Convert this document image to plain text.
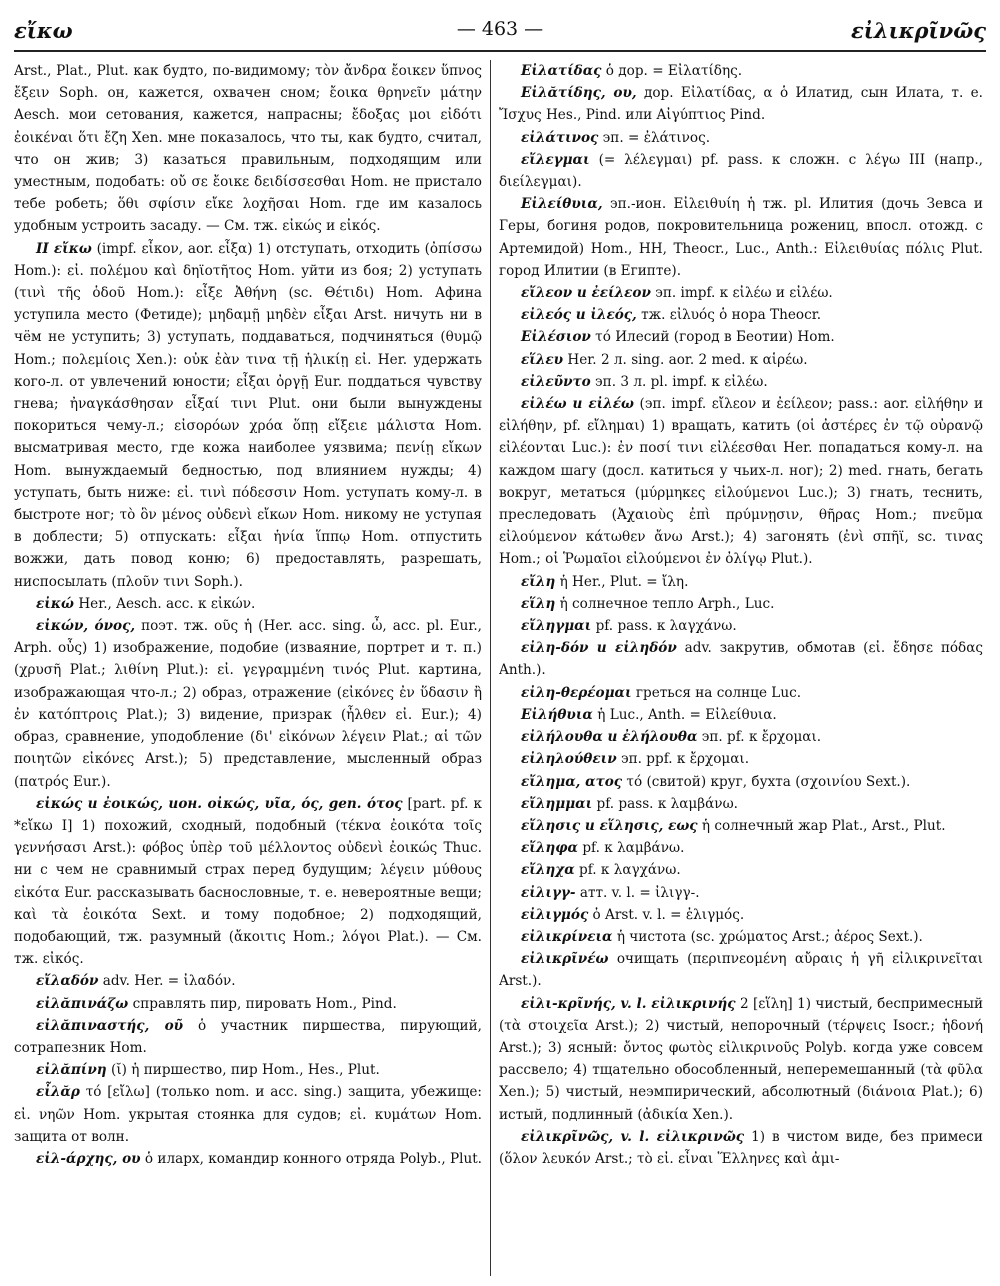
εἴκω	— 463 —	εἰλικρῖνῶς

Arst., Plat., Plut. как будто, по-видимому; τὸν ἄνδρα ἔοικεν ὕπνος ἔξειν Soph. он, кажется, охвачен сном; ἔοικα θρηνεῖν μάτην Aesch. мои сетования, кажется, напрасны; ἔδοξας μοι εἰδότι ἐοικέναι ὅτι ἔζη Xen. мне показалось, что ты, как будто, считал, что он жив; 3) казаться правильным, подходящим или уместным, подобать: οὔ σε ἔοικε δειδίσσεσθαι Hom. не пристало тебе робеть; ὅθι σφίσιν εἴκε λοχῆσαι Hom. где им казалось удобным устроить засаду. — См. тж. εἰκώς и εἰκός.

II εἴκω (impf. εἶκον, aor. εἶξα) 1) отступать, отходить (ὀπίσσω Hom.): εἰ. πολέμου καὶ δηϊοτῆτος Hom. уйти из боя; 2) уступать (τινὶ τῆς ὁδοῦ Hom.): εἶξε Ἀθήνη (sc. Θέτιδι) Hom. Афина уступила место (Фетиде); μηδαμῇ μηδὲν εἶξαι Arst. ничуть ни в чём не уступить; 3) уступать, поддаваться, подчиняться (θυμῷ Hom.; πολεμίοις Xen.): οὐκ ἐὰν τινα τῇ ἡλικίῃ εἰ. Her. удержать кого-л. от увлечений юности; εἶξαι ὀργῇ Eur. поддаться чувству гнева; ἠναγκάσθησαν εἶξαί τινι Plut. они были вынуждены покориться чему-л.; εἰσορόων χρόα ὅπῃ εἴξειε μάλιστα Hom. высматривая место, где кожа наиболее уязвима; πενίῃ εἴκων Hom. вынуждаемый бедностью, под влиянием нужды; 4) уступать, быть ниже: εἰ. τινὶ πόδεσσιν Hom. уступать кому-л. в быстроте ног; τὸ ὃν μένος οὐδενὶ εἴκων Hom. никому не уступая в доблести; 5) отпускать: εἶξαι ἡνία ἵππῳ Hom. отпустить вожжи, дать повод коню; 6) предоставлять, разрешать, ниспосылать (πλοῦν τινι Soph.).

εἰκώ Her., Aesch. acc. к εἰκών.

εἰκών, όνος, поэт. тж. οῦς ἡ (Her. acc. sing. ὦ, acc. pl. Eur., Arph. οὖς) 1) изображение, подобие (изваяние, портрет и т. п.) (χρυσῆ Plat.; λιθίνη Plut.): εἰ. γεγραμμένη τινός Plut. картина, изображающая что-л.; 2) образ, отражение (εἰκόνες ἐν ὕδασιν ἢ ἐν κατόπτροις Plat.); 3) видение, призрак (ἦλθεν εἰ. Eur.); 4) образ, сравнение, уподобление (δι' εἰκόνων λέγειν Plat.; αἱ τῶν ποιητῶν εἰκόνες Arst.); 5) представление, мысленный образ (πατρός Eur.).

εἰκώς и ἐοικώς, ион. οἰκώς, υῖα, ός, gen. ότος [part. pf. к *εἴκω I] 1) похожий, сходный, подобный (τέκνα ἐοικότα τοῖς γεννήσασι Arst.): φόβος ὑπὲρ τοῦ μέλλοντος οὐδενὶ ἐοικώς Thuc. ни с чем не сравнимый страх перед будущим; λέγειν μύθους εἰκότα Eur. рассказывать баснословные, т. е. невероятные вещи; καὶ τὰ ἐοικότα Sext. и тому подобное; 2) подходящий, подобающий, тж. разумный (ἄκοιτις Hom.; λόγοι Plat.). — См. тж. εἰκός.

εἴλαδόν adv. Her. = ἰλαδόν.

εἰλᾰπινάζω справлять пир, пировать Hom., Pind.

εἰλᾰπιναστής, οῦ ὁ участник пиршества, пирующий, сотрапезник Hom.

εἰλᾰπίνη (ῐ) ἡ пиршество, пир Hom., Hes., Plut.

εἶλᾰρ τό [εἴλω] (только nom. и acc. sing.) защита, убежище: εἰ. νηῶν Hom. укрытая стоянка для судов; εἰ. κυμάτων Hom. защита от волн.

εἰλ-άρχης, ου ὁ иларх, командир конного отряда Polyb., Plut.

Εἰλατίδας ὁ дор. = Εἰλατίδης.

Εἰλᾰτίδης, ου, дор. Εἰλατίδας, α ὁ Илатид, сын Илата, т. е. Ἴσχυς Hes., Pind. или Αἰγύπτιος Pind.

εἰλάτινος эп. = ἐλάτινος.

εἴλεγμαι (= λέλεγμαι) pf. pass. к сложн. с λέγω III (напр., διείλεγμαι).

Εἰλείθυια, эп.-ион. Εἰλειθυίη ἡ тж. pl. Илития (дочь Зевса и Геры, богиня родов, покровительница рожениц, впосл. отожд. с Артемидой) Hom., HH, Theocr., Luc., Anth.: Εἰλειθυίας πόλις Plut. город Илитии (в Египте).

εἴλεον и ἐείλεον эп. impf. к εἰλέω и εἰλέω.

εἰλεός и ἰλεός, тж. εἰλυός ὁ нора Theocr.

Εἰλέσιον τό Илесий (город в Беотии) Hom.

εἵλευ Her. 2 л. sing. aor. 2 med. к αἱρέω.

εἰλεῦντο эп. 3 л. pl. impf. к εἰλέω.

εἰλέω и εἰλέω (эп. impf. εἴλεον и ἐείλεον; pass.: aor. εἰλήθην и εἰλήθην, pf. εἴλημαι) 1) вращать, катить (οἱ ἀστέρες ἐν τῷ οὐρανῷ εἰλέονται Luc.): ἐν ποσί τινι εἰλέεσθαι Her. попадаться кому-л. на каждом шагу (досл. катиться у чьих-л. ног); 2) med. гнать, бегать вокруг, метаться (μύρμηκες εἰλούμενοι Luc.); 3) гнать, теснить, преследовать (Ἀχαιοὺς ἐπὶ πρύμνῃσιν, θῆρας Hom.; πνεῦμα εἰλούμενον κάτωθεν ἄνω Arst.); 4) загонять (ἐνὶ σπῆϊ, sc. τινας Hom.; οἱ Ῥωμαῖοι εἰλούμενοι ἐν ὀλίγῳ Plut.).

εἴλη ἡ Her., Plut. = ἴλη.

εἵλη ἡ солнечное тепло Arph., Luc.

εἴληγμαι pf. pass. к λαγχάνω.

εἰλη-δόν и εἰληδόν adv. закрутив, обмотав (εἰ. ἔδησε πόδας Anth.).

εἰλη-θερέομαι греться на солнце Luc.

Εἰλήθυια ἡ Luc., Anth. = Εἰλείθυια.

εἰλήλουθα и ἐλήλουθα эп. pf. к ἔρχομαι.

εἰληλούθειν эп. ppf. к ἔρχομαι.

εἴλημα, ατος τό (свитой) круг, бухта (σχοινίου Sext.).

εἴλημμαι pf. pass. к λαμβάνω.

εἴλησις и εἵλησις, εως ἡ солнечный жар Plat., Arst., Plut.

εἴληφα pf. к λαμβάνω.

εἴληχα pf. к λαγχάνω.

εἰλιγγ- атт. v. l. = ἰλιγγ-.

εἰλιγμός ὁ Arst. v. l. = ἑλιγμός.

εἰλικρίνεια ἡ чистота (sc. χρώματος Arst.; ἀέρος Sext.).

εἰλικρῖνέω очищать (περιπνεομένη αὔραις ἡ γῆ εἰλικρινεῖται Arst.).

εἰλι-κρῖνής, v. l. εἰλικρινής 2 [εἵλη] 1) чистый, беспримесный (τὰ στοιχεῖα Arst.); 2) чистый, непорочный (τέρψεις Isocr.; ἡδονή Arst.); 3) ясный: ὄντος φωτὸς εἰλικρινοῦς Polyb. когда уже совсем рассвело; 4) тщательно обособленный, неперемешанный (τὰ φῦλα Xen.); 5) чистый, неэмпирический, абсолютный (διάνοια Plat.); 6) истый, подлинный (ἀδικία Xen.).

εἰλικρῖνῶς, v. l. εἰλικρινῶς 1) в чистом виде, без примеси (ὅλον λευκόν Arst.; τὸ εἰ. εἶναι Ἕλληνες καὶ ἀμι-
